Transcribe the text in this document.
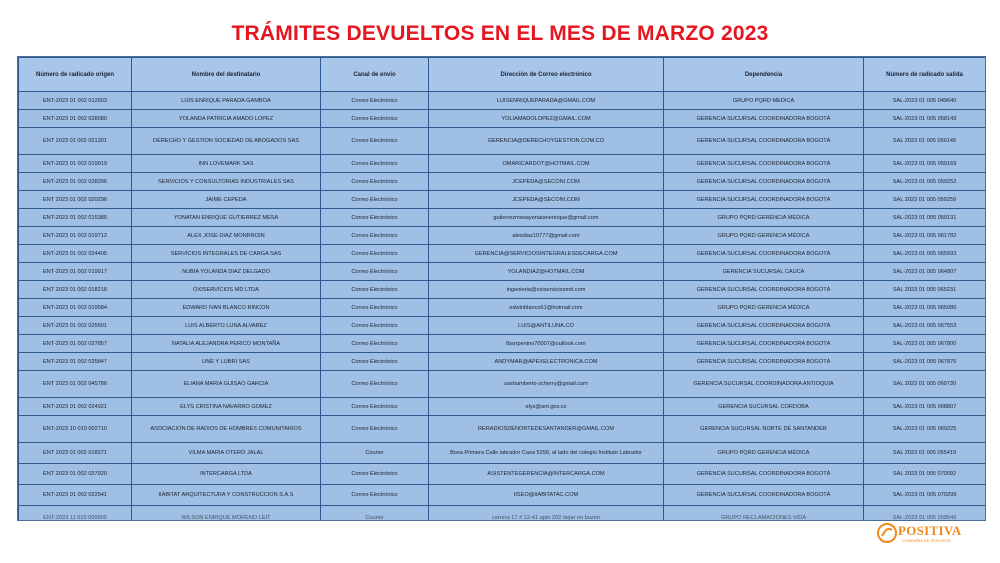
TRÁMITES DEVUELTOS EN EL MES DE MARZO 2023
Número de radicado origen	Nombre del destinatario	Canal de envío	Dirección de Correo electrónico	Dependencia	Número de radicado salida
ENT-2023 01 002 012603	LUIS ENRIQUE PARADA GAMBOA	Correo Electrónico	LUISENRIQUEPARADA@GMAIL.COM	GRUPO PQRD MEDICA	SAL-2023 01 005 049640
ENT-2023 01 002 028080	YOLANDA PATRICIA AMADO LOPEZ	Correo Electrónico	YOLIAMADOLOPEZ@GMAIL.COM	GERENCIA SUCURSAL COORDINADORA BOGOTÁ	SAL-2023 01 005 058143
ENT 2023 01 002 021301	DERECHO Y GESTION SOCIEDAD DE ABOGADOS SAS	Correo Electrónico	GERENCIA@DERECHOYGESTION.COM.CO	GERENCIA SUCURSAL COORDINADORA BOGOTÁ	SAL 2023 01 005 059145
ENT-2023 01 002 019919	INN LOVEMARK SAS	Correo Electrónico	OMARICARDOT@HOTMAIL.COM	GERENCIA SUCURSAL COORDINADORA BOGOTÁ	SAL-2023 01 005 059169
ENT-2023 01 002 028296	SERVICIOS Y CONSULTORIAS INDUSTRIALES SAS	Correo Electrónico	JCEPEDA@SECONI.COM	GERENCIA SUCURSAL COORDINADORA BOGOTÁ	SAL-2023 01 005 059252
ENT 2023 01 002 020296	JAIME CEPEDA	Correo Electrónico	JCEPEDA@SECONI.COM	GERENCIA SUCURSAL COORDINADORA BOGOTÁ	SAL 2023 01 005 059259
ENT-2023 01 002 015385	YONATAN ENRIQUE GUTIERREZ MESA	Correo Electrónico	gutierrezmesayonatanenrique@gmail.com	GRUPO PQRD GERENCIA MÉDICA	SAL-2023 01 005 059131
ENT-2023 01 002 019712	ALEX JOSE DIAZ MONRROIN	Correo Electrónico	alexdiaz10777@gmail.com	GRUPO PQRD GERENCIA MÉDICA	SAL-2023 01 005 061782
ENT-2023 01 002 024405	SERVICIOS INTEGRALES DE CARGA SAS	Correo Electrónico	GERENCIA@SERVICIOSINTEGRALESDECARGA.COM	GERENCIA SUCURSAL COORDINADORA BOGOTÁ	SAL-2023 01 005 065693
ENT-2023 01 002 019917	NUBIA YOLANDA DIAZ DELGADO	Correo Electrónico	YOLANDIAZ@HOTMAIL.COM	GERENCIA SUCURSAL CAUCA	SAL-2023 01 005 064807
ENT 2023 01 002 018218	OXISERVICIOS MD LTDA	Correo Electrónico	ingenieria@oxiserviciosmd.com	GERENCIA SUCURSAL COORDINADORA BOGOTÁ	SAL 2023 01 005 065231
ENT-2023 01 002 019584	EDWARD IVAN BLANCO RINCON	Correo Electrónico	edwinblanco61@hotmail.com	GRUPO PQRD GERENCIA MÉDICA	SAL-2023 01 005 065080
ENT-2023 01 002 025601	LUIS ALBERTO LUNA ALVAREZ	Correo Electrónico	LUIS@ANTILUNA.CO	GERENCIA SUCURSAL COORDINADORA BOGOTÁ	SAL-2023 01 005 067553
ENT-2023 01 002 027857	NATALIA ALEJANDRA PERICO MONTAÑA	Correo Electrónico	lbarrpenino70007@outlook.com	GERENCIA SUCURSAL COORDINADORA BOGOTÁ	SAL-2023 01 005 067800
ENT-2023 01 002 025847	UNE Y LUBRI SAS	Correo Electrónico	ANDYMAR@APEXELECTRONICA.COM	GERENCIA SUCURSAL COORDINADORA BOGOTÁ	SAL-2023 01 005 067876
ENT 2023 01 002 045786	ELIANA MARIA GUISAO GARCIA	Correo Electrónico	sashamberto-zcherry@gmail.com	GERENCIA SUCURSAL COORDINADORA ANTIOQUIA	SAL 2023 01 005 069730
ENT-2023 01 002 024921	ELYS CRISTINA NAVARRO GOMEZ	Correo Electrónico	elys@ant.gov.co	GERENCIA SUCURSAL CORDOBA	SAL-2023 01 005 068807
ENT-2023 10 010 002710	ASOCIACION DE RADIOS DE HOMBRES COMUNITARIOS	Correo Electrónico	RERADIOSDENORTEDESANTANDER@GMAIL.COM	GERENCIA SUCURSAL NORTE DE SANTANDER	SAL-2023 01 005 069225
ENT 2023 01 002 018371	VILMA MARIA OTERO JALAL	Courier	Bosa Primera Calle labrador Casa 5256, al lado del colegio Instituto Labrador	GRUPO PQRD GERENCIA MÉDICA	SAL 2023 01 005 055419
ENT 2023 01 002 027920	INTERCARGA LTDA	Correo Electrónico	ASISTENTEGERENCIA@INTERCARGA.COM	GERENCIA SUCURSAL COORDINADORA BOGOTÁ	SAL 2023 01 005 070092
ENT-2023 01 002 022541	IIABITAT ARQUITECTURA Y CONSTRUCCION S.A.S	Correo Electrónico	IISEO@IIABITATAC.COM	GERENCIA SUCURSAL COORDINADORA BOGOTÁ	SAL-2023 01 005 070299
ENT-2023 11 010 000805	WILSON ENRIQUE MORENO LEIT	Courier	carrera 17 # 12-41 apto 202 dejar en buzon	GRUPO RECLAMACIONES VIDA	SAL-2023 01 005 059546
POSITIVA
COMPAÑÍA DE SEGUROS
